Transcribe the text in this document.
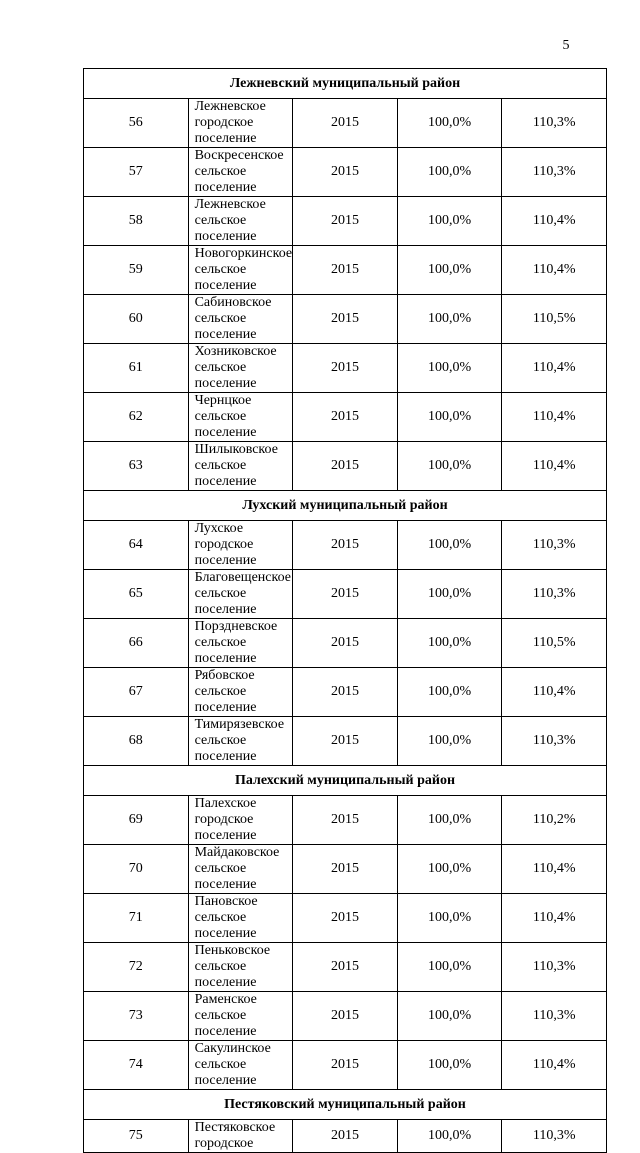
5
Лежневский муниципальный район				
56	Лежневское городское поселение	2015	100,0%	110,3%
57	Воскресенское сельское поселение	2015	100,0%	110,3%
58	Лежневское сельское поселение	2015	100,0%	110,4%
59	Новогоркинское сельское поселение	2015	100,0%	110,4%
60	Сабиновское сельское поселение	2015	100,0%	110,5%
61	Хозниковское сельское поселение	2015	100,0%	110,4%
62	Чернцкое сельское поселение	2015	100,0%	110,4%
63	Шилыковское сельское поселение	2015	100,0%	110,4%
Лухский муниципальный район				
64	Лухское городское поселение	2015	100,0%	110,3%
65	Благовещенское сельское поселение	2015	100,0%	110,3%
66	Порздневское сельское поселение	2015	100,0%	110,5%
67	Рябовское сельское поселение	2015	100,0%	110,4%
68	Тимирязевское сельское поселение	2015	100,0%	110,3%
Палехский муниципальный район				
69	Палехское городское поселение	2015	100,0%	110,2%
70	Майдаковское сельское поселение	2015	100,0%	110,4%
71	Пановское сельское поселение	2015	100,0%	110,4%
72	Пеньковское сельское поселение	2015	100,0%	110,3%
73	Раменское сельское поселение	2015	100,0%	110,3%
74	Сакулинское сельское поселение	2015	100,0%	110,4%
Пестяковский муниципальный район				
75	Пестяковское городское	2015	100,0%	110,3%
